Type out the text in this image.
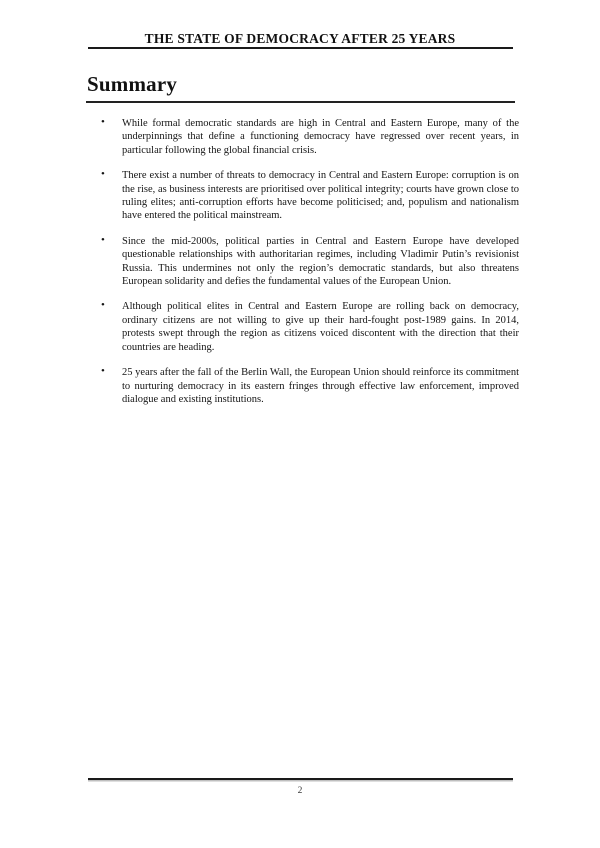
THE STATE OF DEMOCRACY AFTER 25 YEARS
Summary
• While formal democratic standards are high in Central and Eastern Europe, many of the underpinnings that define a functioning democracy have regressed over recent years, in particular following the global financial crisis.
• There exist a number of threats to democracy in Central and Eastern Europe: corruption is on the rise, as business interests are prioritised over political integrity; courts have grown close to ruling elites; anti-corruption efforts have become politicised; and, populism and nationalism have entered the political mainstream.
• Since the mid-2000s, political parties in Central and Eastern Europe have developed questionable relationships with authoritarian regimes, including Vladimir Putin’s revisionist Russia. This undermines not only the region’s democratic standards, but also threatens European solidarity and defies the fundamental values of the European Union.
• Although political elites in Central and Eastern Europe are rolling back on democracy, ordinary citizens are not willing to give up their hard-fought post-1989 gains. In 2014, protests swept through the region as citizens voiced discontent with the direction that their countries are heading.
• 25 years after the fall of the Berlin Wall, the European Union should reinforce its commitment to nurturing democracy in its eastern fringes through effective law enforcement, improved dialogue and existing institutions.
2
